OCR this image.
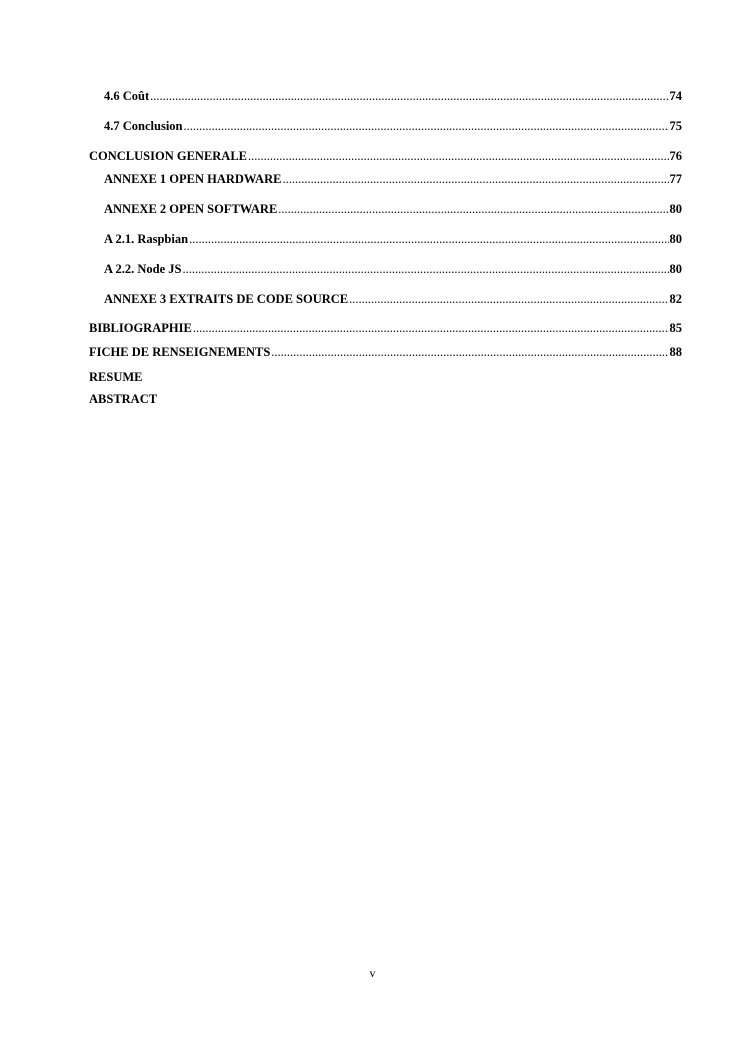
4.6 Coût .....	74
4.7 Conclusion .....	75
CONCLUSION GENERALE .....	76
ANNEXE 1 OPEN HARDWARE .....	77
ANNEXE 2 OPEN SOFTWARE .....	80
A 2.1. Raspbian .....	80
A 2.2. Node JS .....	80
ANNEXE 3 EXTRAITS DE CODE SOURCE .....	82
BIBLIOGRAPHIE .....	85
FICHE DE RENSEIGNEMENTS .....	88
RESUME
ABSTRACT
v
